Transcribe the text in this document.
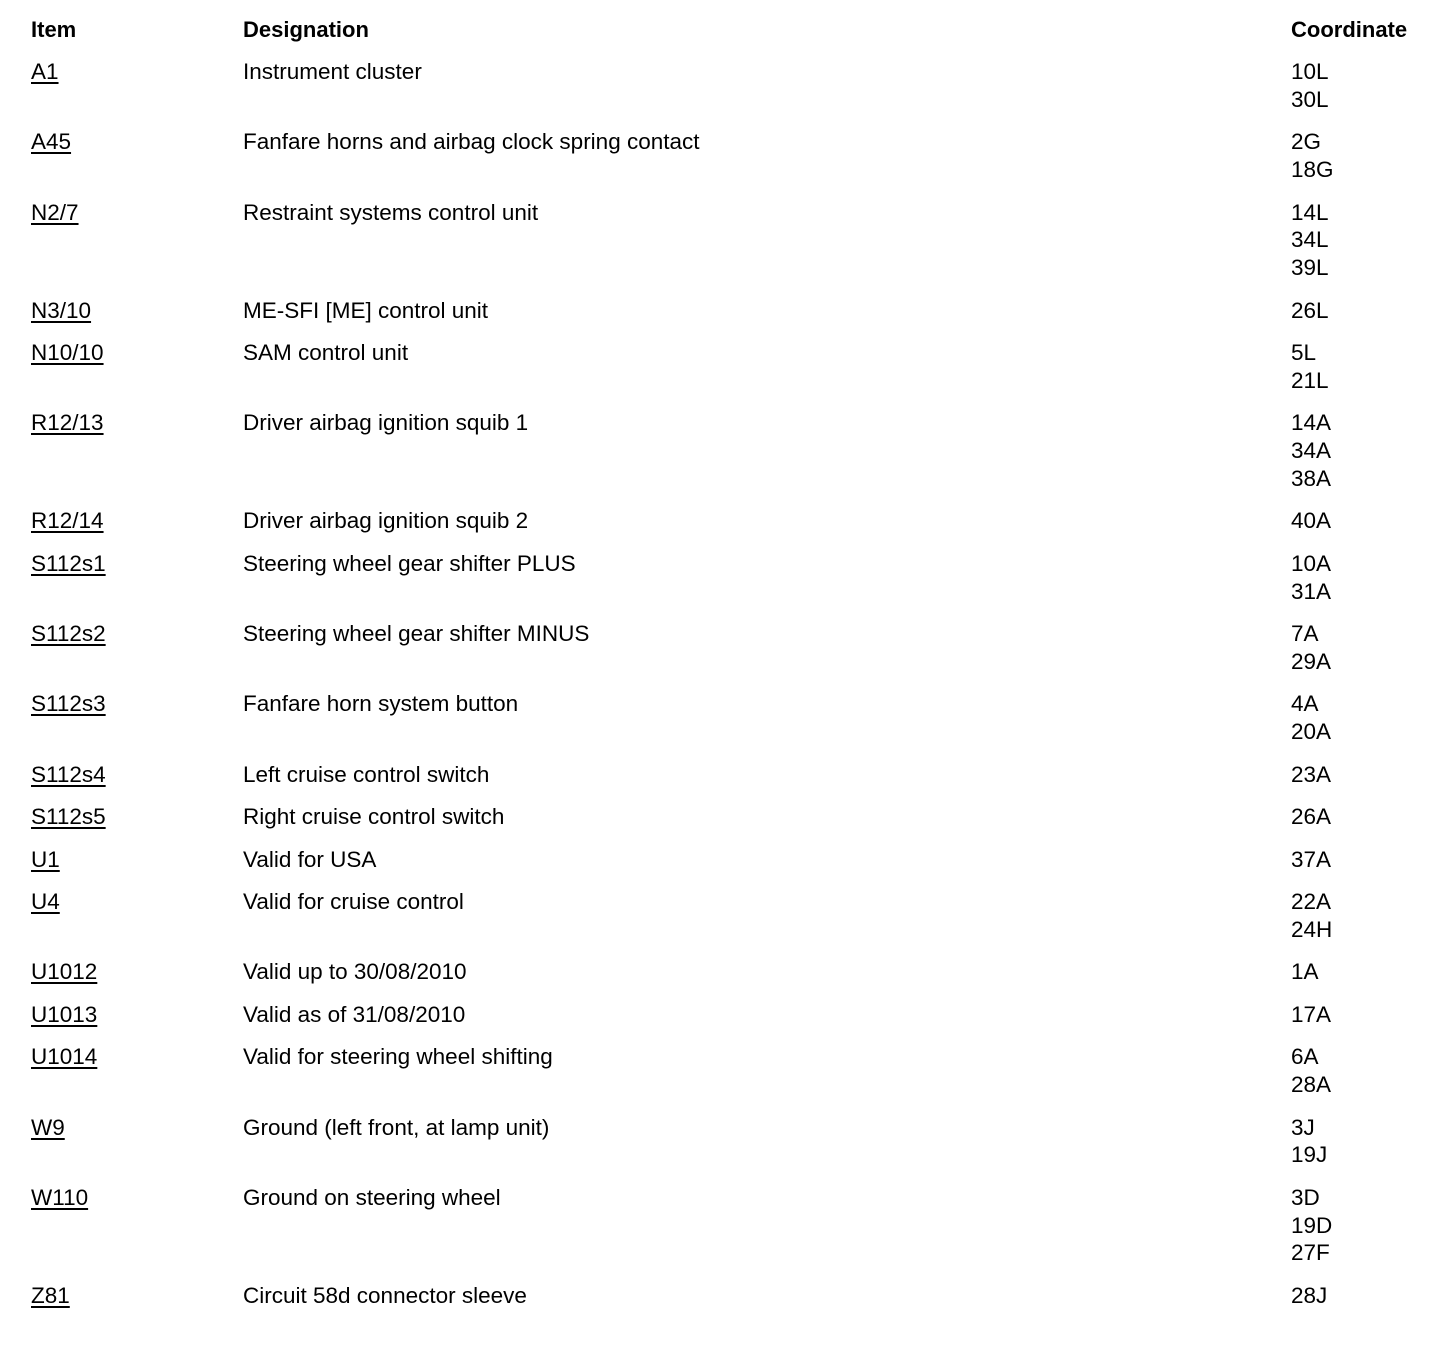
Item	Designation	Coordinate
A1	Instrument cluster	10L
30L
A45	Fanfare horns and airbag clock spring contact	2G
18G
N2/7	Restraint systems control unit	14L
34L
39L
N3/10	ME-SFI [ME] control unit	26L
N10/10	SAM control unit	5L
21L
R12/13	Driver airbag ignition squib 1	14A
34A
38A
R12/14	Driver airbag ignition squib 2	40A
S112s1	Steering wheel gear shifter PLUS	10A
31A
S112s2	Steering wheel gear shifter MINUS	7A
29A
S112s3	Fanfare horn system button	4A
20A
S112s4	Left cruise control switch	23A
S112s5	Right cruise control switch	26A
U1	Valid for USA	37A
U4	Valid for cruise control	22A
24H
U1012	Valid up to 30/08/2010	1A
U1013	Valid as of 31/08/2010	17A
U1014	Valid for steering wheel shifting	6A
28A
W9	Ground (left front, at lamp unit)	3J
19J
W110	Ground on steering wheel	3D
19D
27F
Z81	Circuit 58d connector sleeve	28J
